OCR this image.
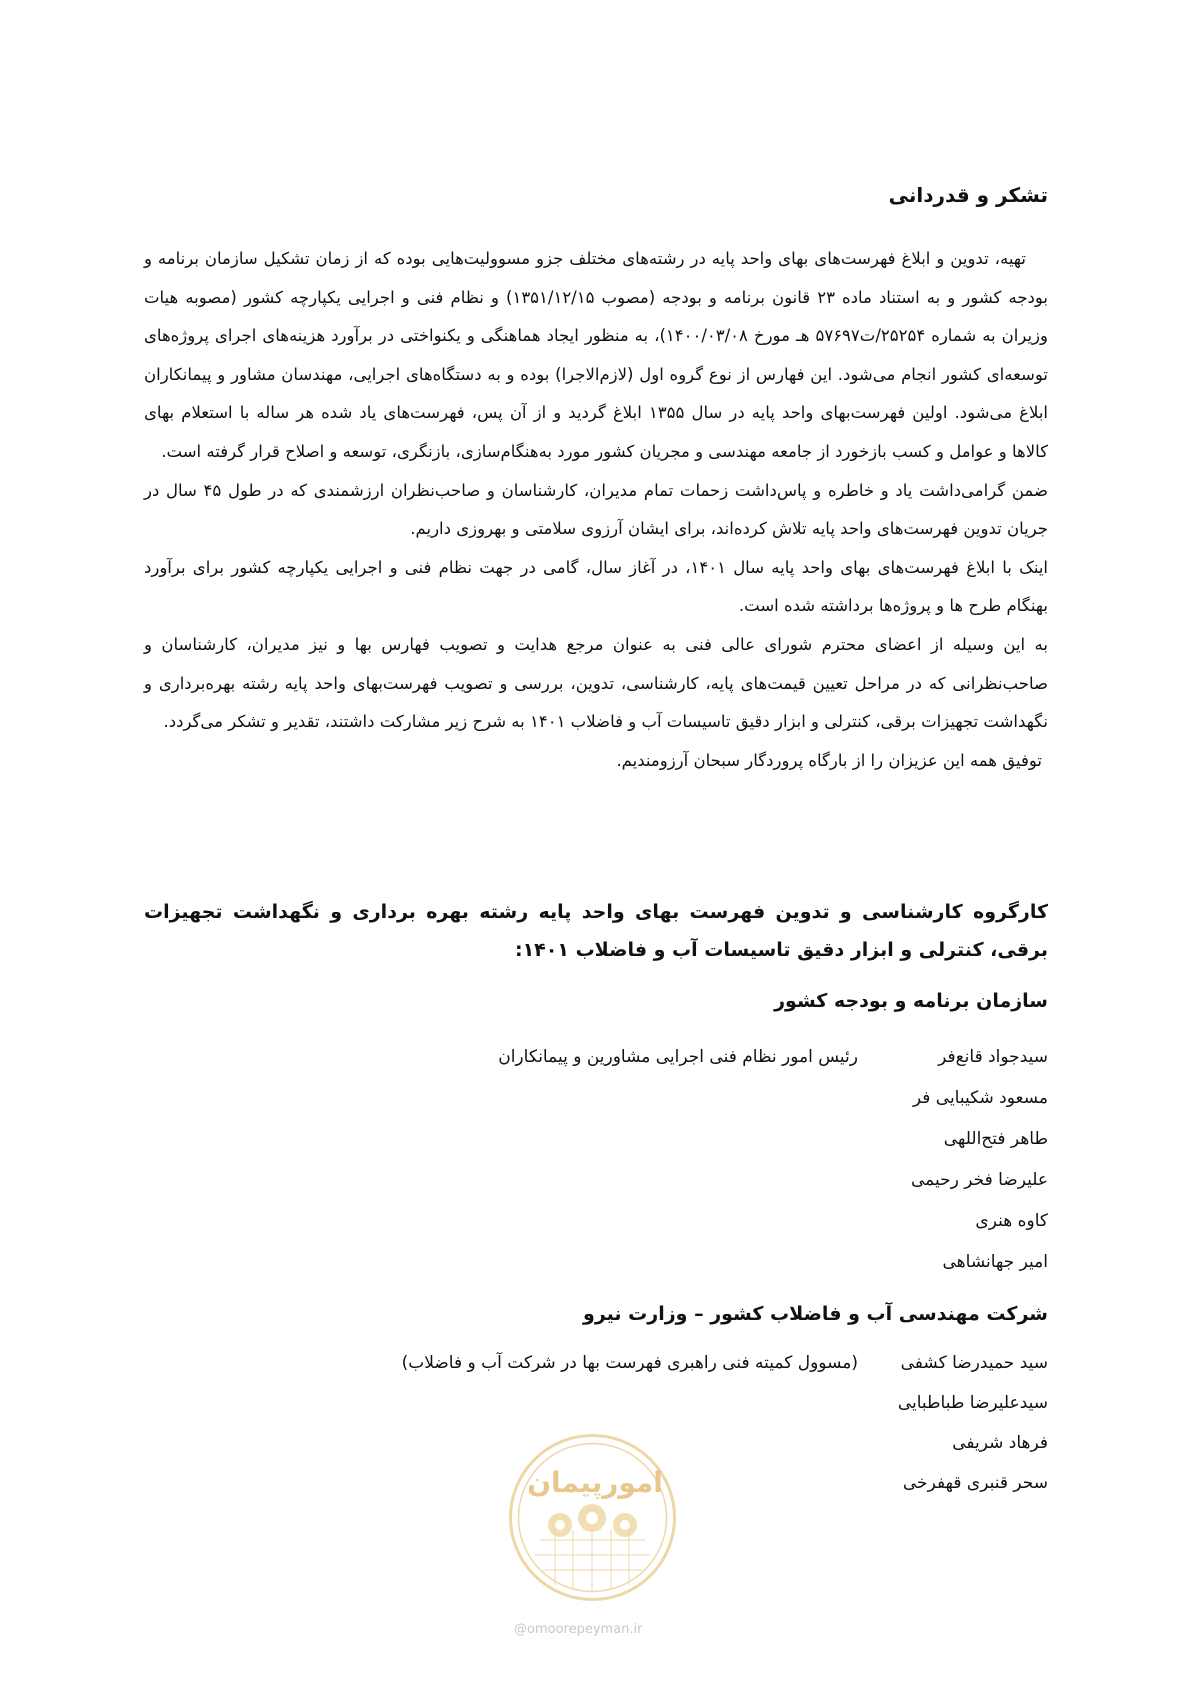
تشکر و قدردانی

تهیه، تدوین و ابلاغ فهرست‌های بهای واحد پایه در رشته‌های مختلف جزو مسوولیت‌هایی بوده که از زمان تشکیل سازمان برنامه و بودجه کشور و به استناد ماده ۲۳ قانون برنامه و بودجه (مصوب ۱۳۵۱/۱۲/۱۵) و نظام فنی و اجرایی یکپارچه کشور (مصوبه هیات وزیران به شماره ۲۵۲۵۴/ت۵۷۶۹۷ هـ مورخ ۱۴۰۰/۰۳/۰۸)، به منظور ایجاد هماهنگی و یکنواختی در برآورد هزینه‌های اجرای پروژه‌های توسعه‌ای کشور انجام می‌شود. این فهارس از نوع گروه اول (لازم‌الاجرا) بوده و به دستگاه‌های اجرایی، مهندسان مشاور و پیمانکاران ابلاغ می‌شود. اولین فهرست‌بهای واحد پایه در سال ۱۳۵۵ ابلاغ گردید و از آن پس، فهرست‌های یاد شده هر ساله با استعلام بهای کالاها و عوامل و کسب بازخورد از جامعه مهندسی و مجریان کشور مورد به‌هنگام‌سازی، بازنگری، توسعه و اصلاح قرار گرفته است.

ضمن گرامی‌داشت یاد و خاطره و پاس‌داشت زحمات تمام مدیران، کارشناسان و صاحب‌نظران ارزشمندی که در طول ۴۵ سال در جریان تدوین فهرست‌های واحد پایه تلاش کرده‌اند، برای ایشان آرزوی سلامتی و بهروزی داریم.

اینک با ابلاغ فهرست‌های بهای واحد پایه سال ۱۴۰۱، در آغاز سال، گامی در جهت نظام فنی و اجرایی یکپارچه کشور برای برآورد بهنگام طرح ها و پروژه‌ها برداشته شده است.

به این وسیله از اعضای محترم شورای عالی فنی به عنوان مرجع هدایت و تصویب فهارس بها و نیز مدیران، کارشناسان و صاحب‌نظرانی که در مراحل تعیین قیمت‌های پایه، کارشناسی، تدوین، بررسی و تصویب فهرست‌بهای واحد پایه رشته بهره‌برداری و نگهداشت تجهیزات برقی، کنترلی و ابزار دقیق تاسیسات آب و فاضلاب ۱۴۰۱ به شرح زیر مشارکت داشتند، تقدیر و تشکر می‌گردد.

توفیق همه این عزیزان را از بارگاه پروردگار سبحان آرزومندیم.

کارگروه کارشناسی و تدوین فهرست بهای واحد پایه رشته بهره برداری و نگهداشت تجهیزات برقی، کنترلی و ابزار دقیق تاسیسات آب و فاضلاب ۱۴۰۱:
سازمان برنامه و بودجه کشور
سیدجواد قانع‌فر
رئیس امور نظام فنی اجرایی مشاورین و پیمانکاران
مسعود شکیبایی فر
طاهر فتح‌اللهی
علیرضا فخر رحیمی
کاوه هنری
امیر جهانشاهی
شرکت مهندسی آب و فاضلاب کشور – وزارت نیرو
سید حمیدرضا کشفی
(مسوول کمیته فنی راهبری فهرست بها در شرکت آب و فاضلاب)
سیدعلیرضا طباطبایی
فرهاد شریفی
سحر قنبری قهفرخی
امورپیمان
@omoorepeyman.ir
